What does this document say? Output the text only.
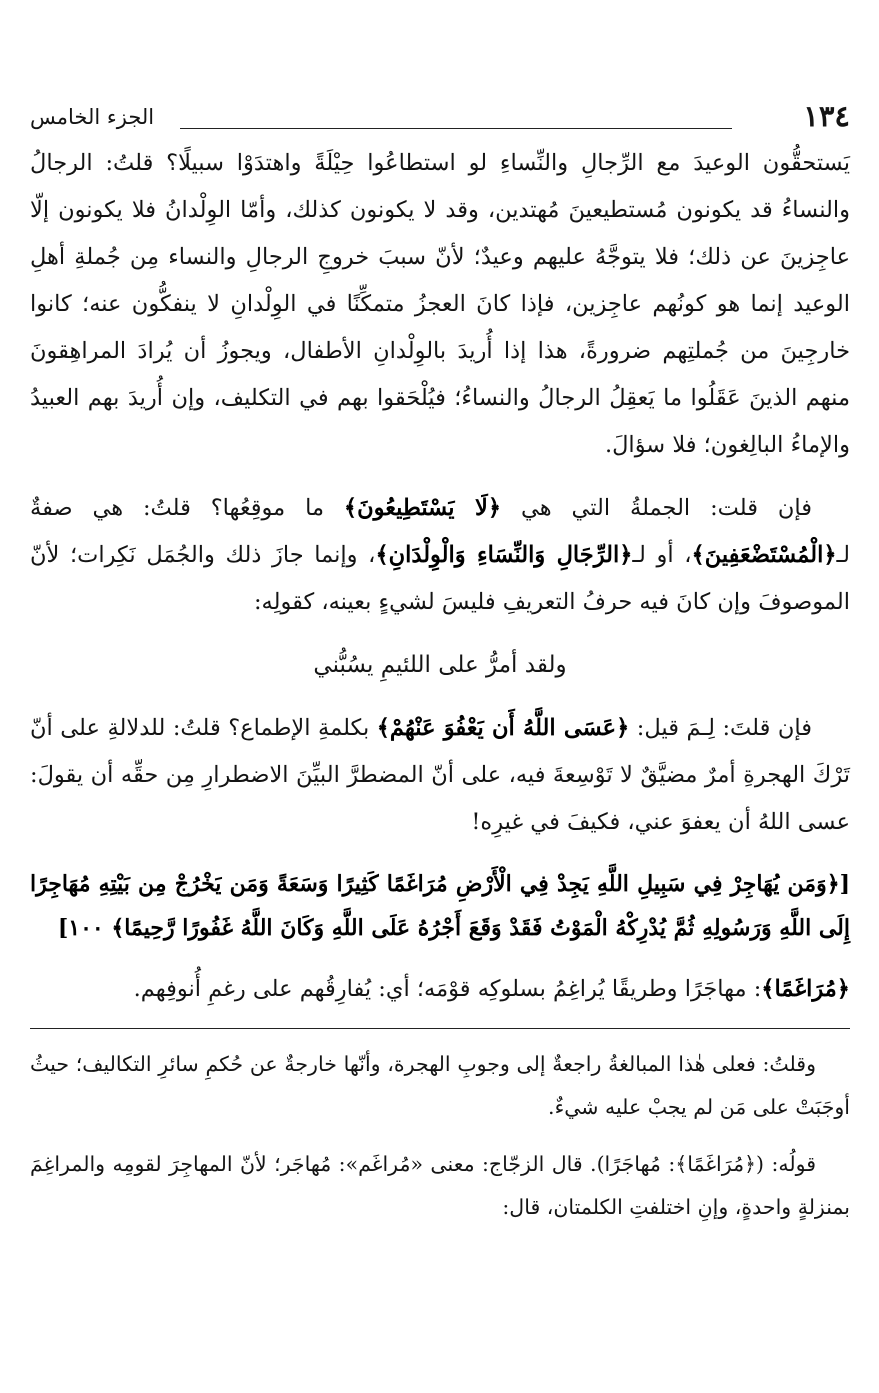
١٣٤
الجزء الخامس

يَستحقُّون الوعيدَ مع الرِّجالِ والنِّساءِ لو استطاعُوا حِيْلَةً واهتدَوْا سبيلًا؟ قلتُ: الرجالُ والنساءُ قد يكونون مُستطيعينَ مُهتدين، وقد لا يكونون كذلك، وأمّا الوِلْدانُ فلا يكونون إلّا عاجِزينَ عن ذلك؛ فلا يتوجَّهُ عليهم وعيدٌ؛ لأنّ سببَ خروجِ الرجالِ والنساء مِن جُملةِ أهلِ الوعيد إنما هو كونُهم عاجِزين، فإذا كانَ العجزُ متمكِّنًا في الوِلْدانِ لا ينفكُّون عنه؛ كانوا خارجِينَ من جُملتِهم ضرورةً، هذا إذا أُريدَ بالوِلْدانِ الأطفال، ويجوزُ أن يُرادَ المراهِقونَ منهم الذينَ عَقَلُوا ما يَعقِلُ الرجالُ والنساءُ؛ فيُلْحَقوا بهم في التكليف، وإن أُريدَ بهم العبيدُ والإماءُ البالِغون؛ فلا سؤالَ.

فإن قلت: الجملةُ التي هي ﴿لَا يَسْتَطِيعُونَ﴾ ما موقِعُها؟ قلتُ: هي صفةٌ لـ﴿الْمُسْتَضْعَفِينَ﴾، أو لـ﴿الرِّجَالِ وَالنِّسَاءِ وَالْوِلْدَانِ﴾، وإنما جازَ ذلك والجُمَل نَكِرات؛ لأنّ الموصوفَ وإن كانَ فيه حرفُ التعريفِ فليسَ لشيءٍ بعينه، كقولِه:

ولقد أمرُّ على اللئيمِ يسُبُّني

فإن قلتَ: لِـمَ قيل: ﴿عَسَى اللَّهُ أَن يَعْفُوَ عَنْهُمْ﴾ بكلمةِ الإطماع؟ قلتُ: للدلالةِ على أنّ تَرْكَ الهجرةِ أمرٌ مضيَّقٌ لا تَوْسِعةَ فيه، على أنّ المضطرَّ البيِّنَ الاضطرارِ مِن حقِّه أن يقولَ: عسى اللهُ أن يعفوَ عني، فكيفَ في غيرِه!

[﴿وَمَن يُهَاجِرْ فِي سَبِيلِ اللَّهِ يَجِدْ فِي الْأَرْضِ مُرَاغَمًا كَثِيرًا وَسَعَةً وَمَن يَخْرُجْ مِن بَيْتِهِ مُهَاجِرًا إِلَى اللَّهِ وَرَسُولِهِ ثُمَّ يُدْرِكْهُ الْمَوْتُ فَقَدْ وَقَعَ أَجْرُهُ عَلَى اللَّهِ وَكَانَ اللَّهُ غَفُورًا رَّحِيمًا﴾ ١٠٠]

﴿مُرَاغَمًا﴾: مهاجَرًا وطريقًا يُراغِمُ بسلوكِه قوْمَه؛ أي: يُفارِقُهم على رغمِ أُنوفِهم.

وقلتُ: فعلى هٰذا المبالغةُ راجعةٌ إلى وجوبِ الهجرة، وأنّها خارجةٌ عن حُكمِ سائرِ التكاليف؛ حيثُ أوجَبَتْ على مَن لم يجبْ عليه شيءٌ.

قولُه: (﴿مُرَاغَمًا﴾: مُهاجَرًا). قال الزجّاج: معنى «مُراغَم»: مُهاجَر؛ لأنّ المهاجِرَ لقومِه والمراغِمَ بمنزلةٍ واحدةٍ، وإنِ اختلفتِ الكلمتان، قال:
